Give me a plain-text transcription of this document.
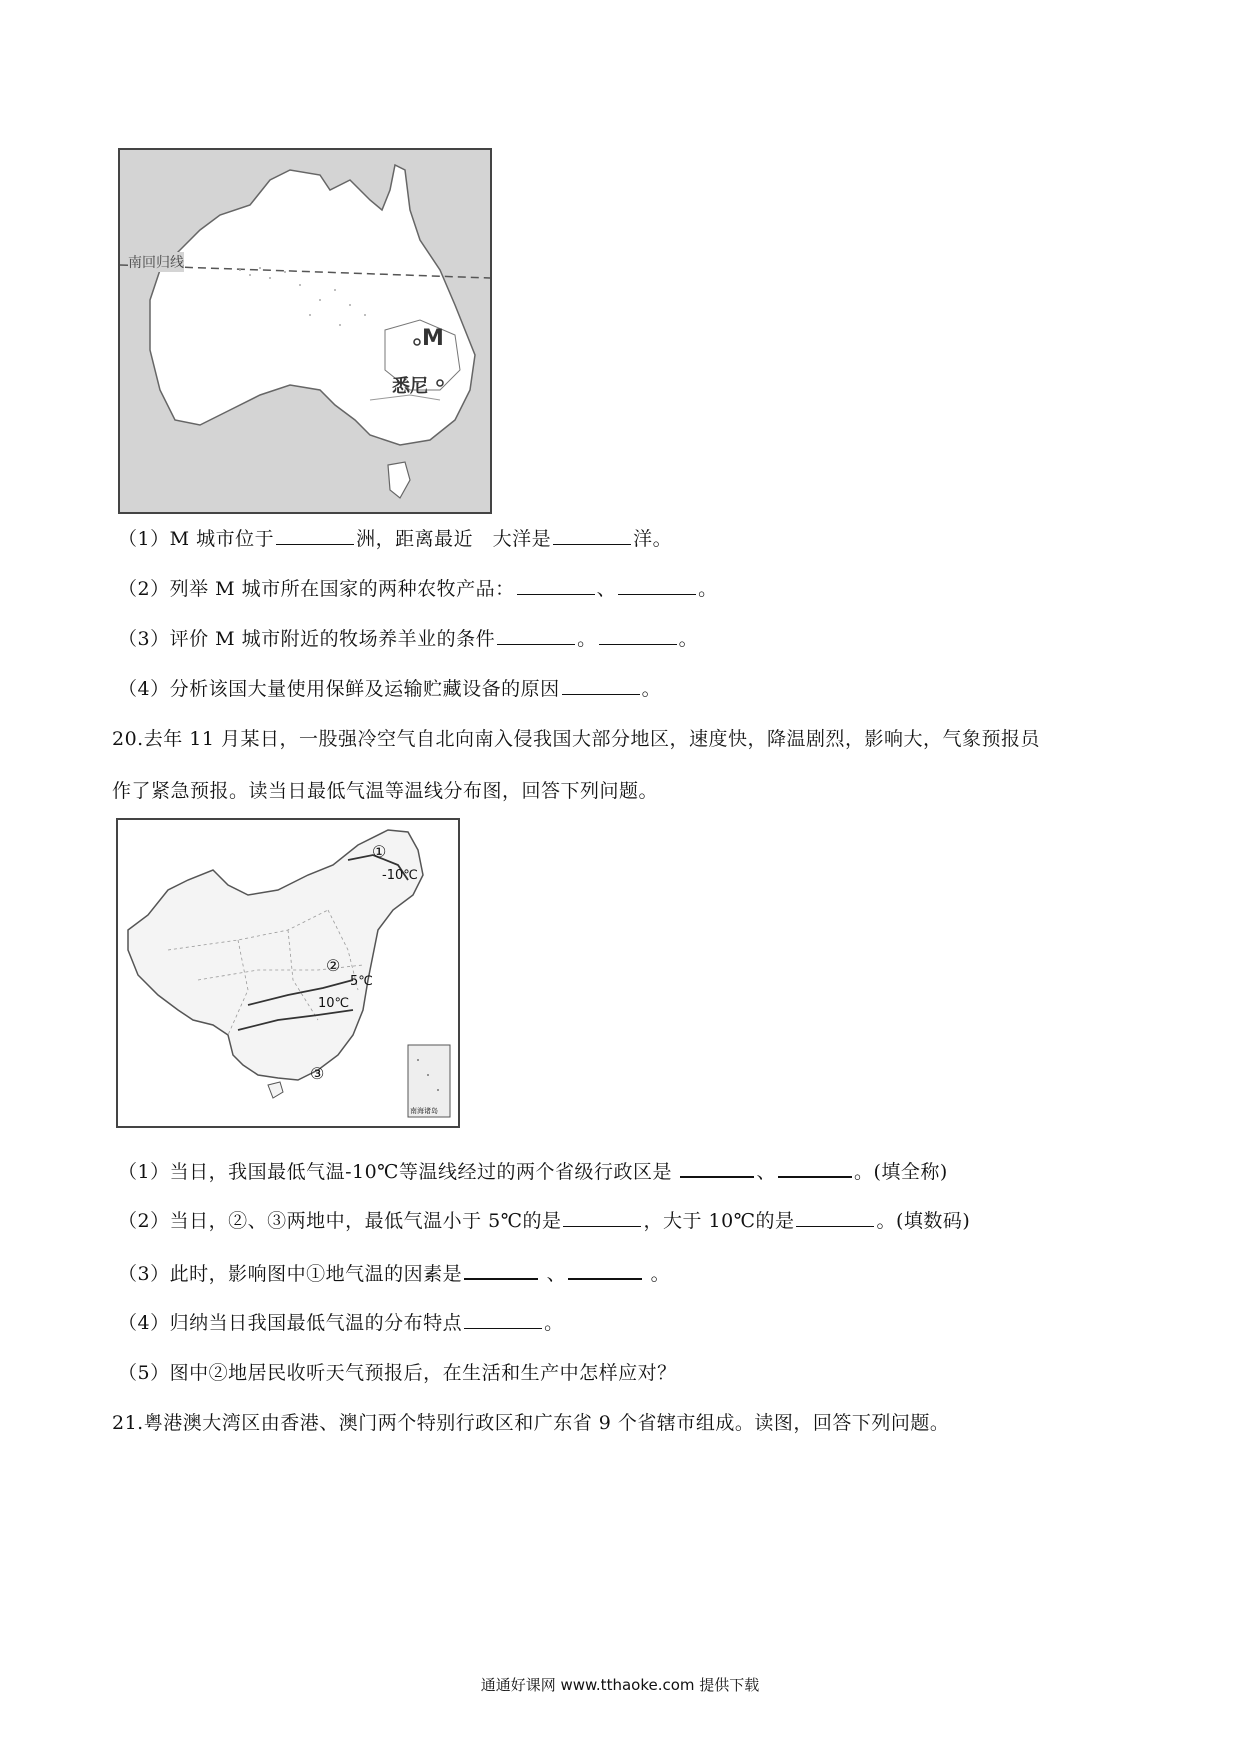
南回归线
M
悉尼
（1）M 城市位于	洲，距离最近　大洋是	洋。
（2）列举 M 城市所在国家的两种农牧产品：	、	。
（3）评价 M 城市附近的牧场养羊业的条件	。	。
（4）分析该国大量使用保鲜及运输贮藏设备的原因	。
20.去年 11 月某日，一股强冷空气自北向南入侵我国大部分地区，速度快，降温剧烈，影响大，气象预报员
作了紧急预报。读当日最低气温等温线分布图，回答下列问题。
①
-10℃
②
5℃
10℃
③
南海诸岛
（1）当日，我国最低气温-10℃等温线经过的两个省级行政区是	、	。(填全称)
（2）当日，②、③两地中，最低气温小于 5℃的是	，大于 10℃的是	。(填数码)
（3）此时，影响图中①地气温的因素是	、	。
（4）归纳当日我国最低气温的分布特点	。
（5）图中②地居民收听天气预报后，在生活和生产中怎样应对？
21.粤港澳大湾区由香港、澳门两个特别行政区和广东省 9 个省辖市组成。读图，回答下列问题。
通通好课网 www.tthaoke.com 提供下载
